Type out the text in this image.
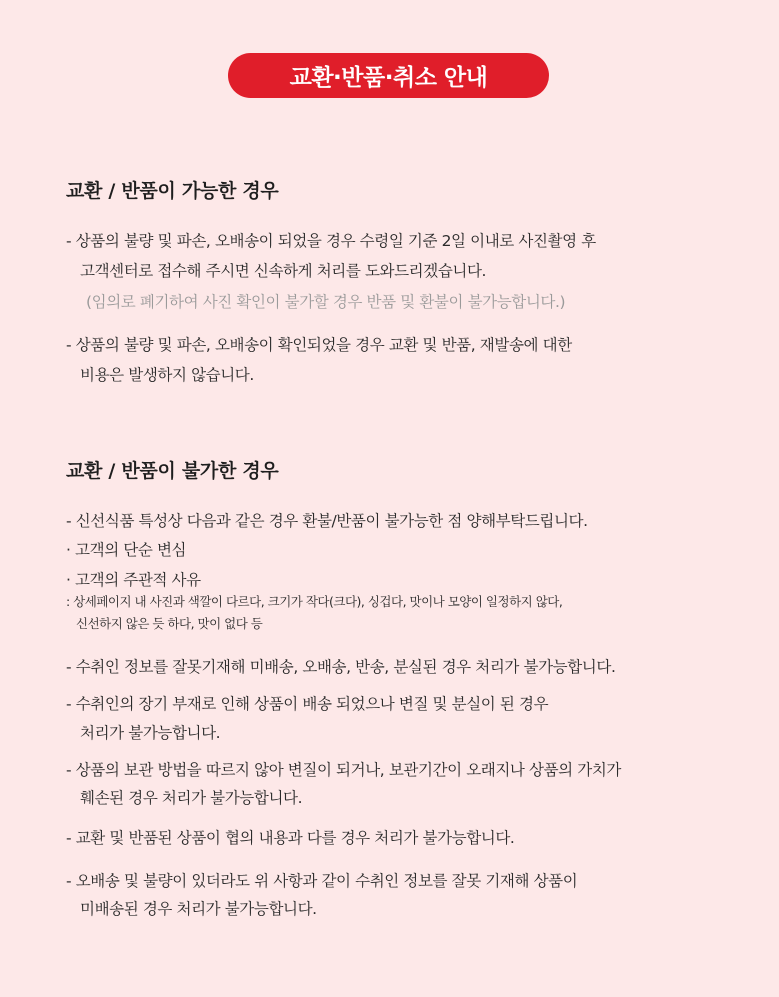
교환·반품·취소 안내
교환 / 반품이 가능한 경우
- 상품의 불량 및 파손, 오배송이 되었을 경우 수령일 기준 2일 이내로 사진촬영 후
고객센터로 접수해 주시면 신속하게 처리를 도와드리겠습니다.
(임의로 폐기하여 사진 확인이 불가할 경우 반품 및 환불이 불가능합니다.)
- 상품의 불량 및 파손, 오배송이 확인되었을 경우 교환 및 반품, 재발송에 대한
비용은 발생하지 않습니다.
교환 / 반품이 불가한 경우
- 신선식품 특성상 다음과 같은 경우 환불/반품이 불가능한 점 양해부탁드립니다.
· 고객의 단순 변심
· 고객의 주관적 사유
: 상세페이지 내 사진과 색깔이 다르다, 크기가 작다(크다), 싱겁다, 맛이나 모양이 일정하지 않다,
신선하지 않은 듯 하다, 맛이 없다 등
- 수취인 정보를 잘못기재해 미배송, 오배송, 반송, 분실된 경우 처리가 불가능합니다.
- 수취인의 장기 부재로 인해 상품이 배송 되었으나 변질 및 분실이 된 경우
처리가 불가능합니다.
- 상품의 보관 방법을 따르지 않아 변질이 되거나, 보관기간이 오래지나 상품의 가치가
훼손된 경우 처리가 불가능합니다.
- 교환 및 반품된 상품이 협의 내용과 다를 경우 처리가 불가능합니다.
- 오배송 및 불량이 있더라도 위 사항과 같이 수취인 정보를 잘못 기재해 상품이
미배송된 경우 처리가 불가능합니다.
